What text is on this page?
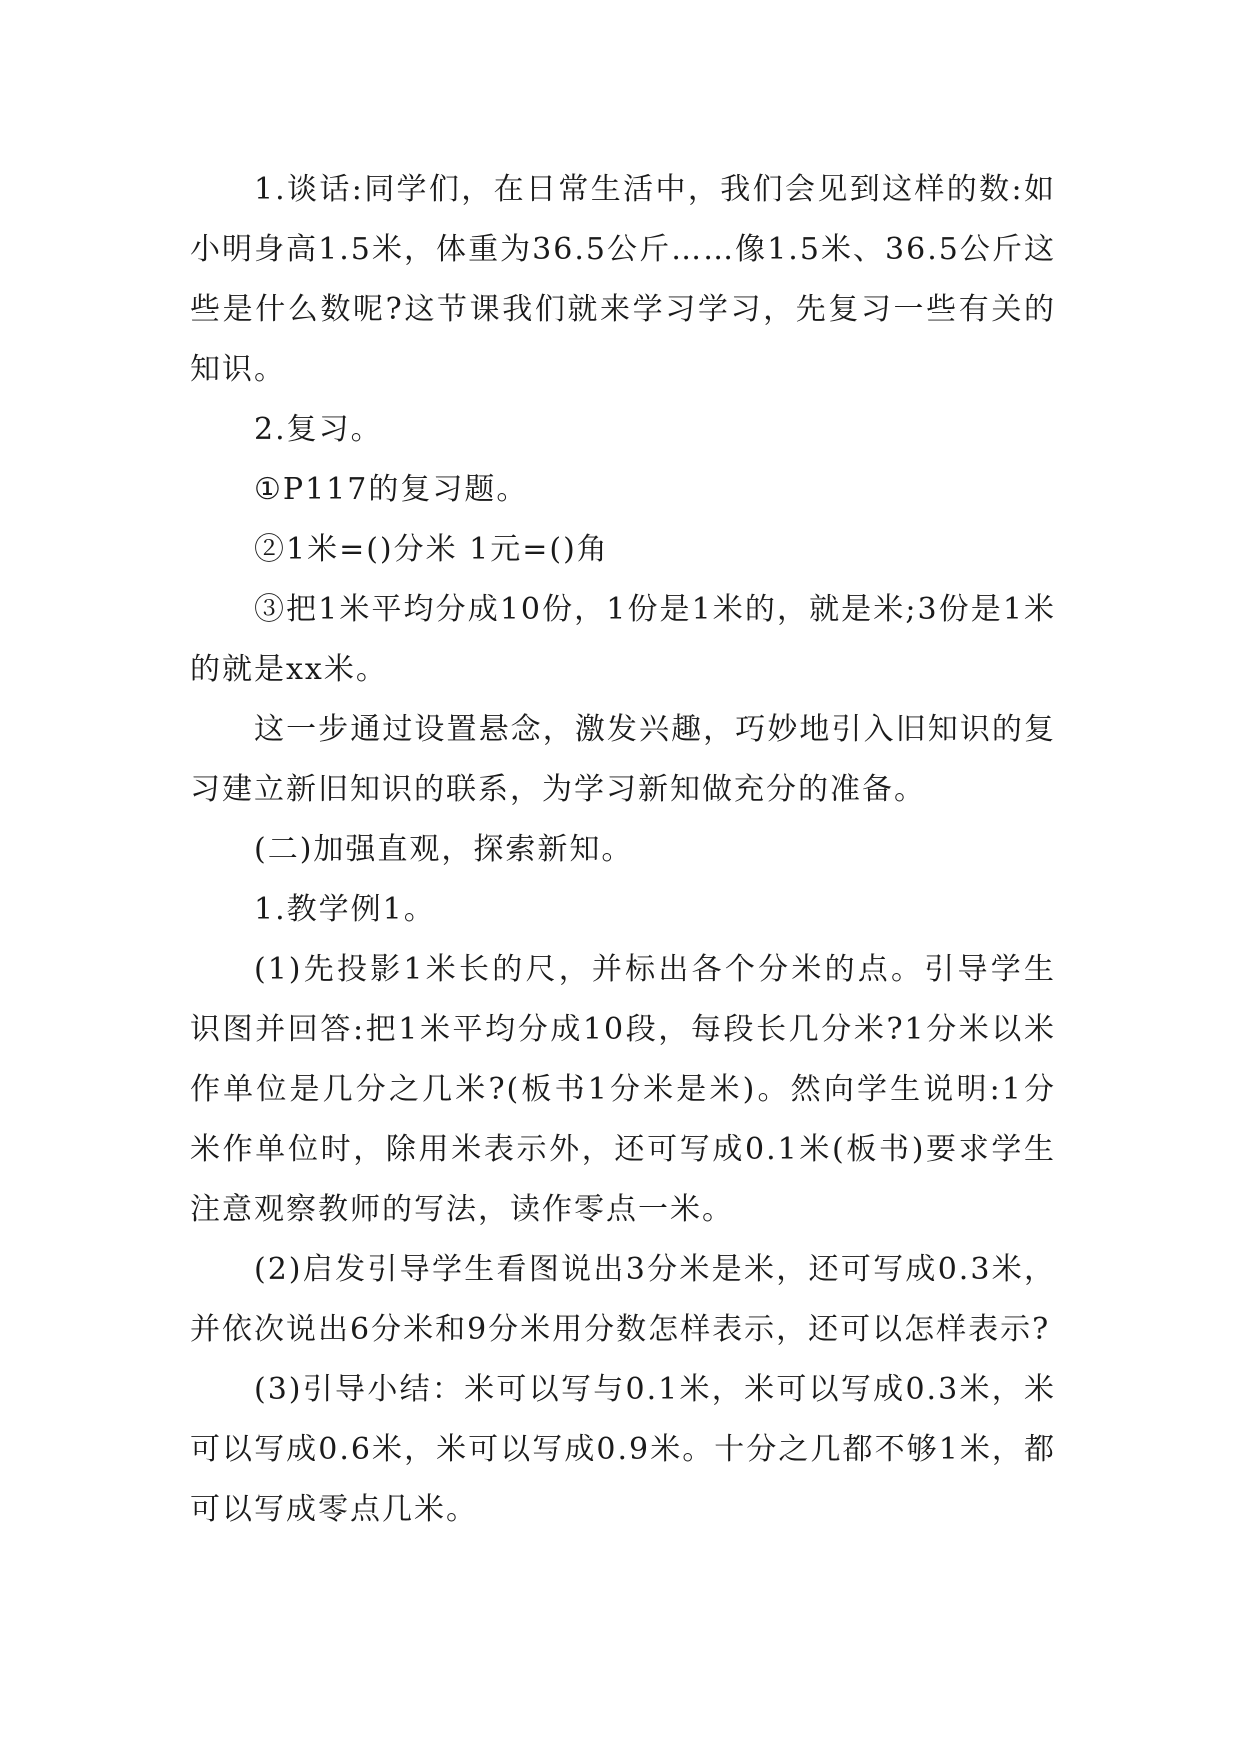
1.谈话:同学们，在日常生活中，我们会见到这样的数:如小明身高1.5米，体重为36.5公斤……像1.5米、36.5公斤这些是什么数呢?这节课我们就来学习学习，先复习一些有关的知识。

2.复习。

①P117的复习题。

②1米=()分米 1元=()角

③把1米平均分成10份，1份是1米的，就是米;3份是1米的就是xx米。

这一步通过设置悬念，激发兴趣，巧妙地引入旧知识的复习建立新旧知识的联系，为学习新知做充分的准备。

(二)加强直观，探索新知。

1.教学例1。

(1)先投影1米长的尺，并标出各个分米的点。引导学生识图并回答:把1米平均分成10段，每段长几分米?1分米以米作单位是几分之几米?(板书1分米是米)。然向学生说明:1分米作单位时，除用米表示外，还可写成0.1米(板书)要求学生注意观察教师的写法，读作零点一米。

(2)启发引导学生看图说出3分米是米，还可写成0.3米，并依次说出6分米和9分米用分数怎样表示，还可以怎样表示?

(3)引导小结：米可以写与0.1米，米可以写成0.3米，米可以写成0.6米，米可以写成0.9米。十分之几都不够1米，都可以写成零点几米。
